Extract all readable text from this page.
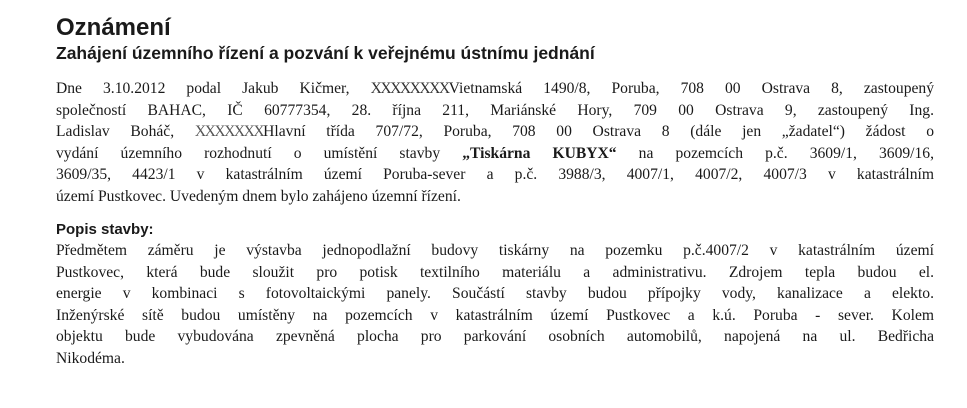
Oznámení
Zahájení územního řízení a pozvání k veřejnému ústnímu jednání

Dne 3.10.2012 podal Jakub Kičmer, XXXXXXXXVietnamská 1490/8, Poruba, 708 00 Ostrava 8, zastoupený
společností BAHAC, IČ 60777354, 28. října 211, Mariánské Hory, 709 00 Ostrava 9, zastoupený Ing.
Ladislav Boháč, XXXXXXXHlavní třída 707/72, Poruba, 708 00 Ostrava 8 (dále jen „žadatel“) žádost o
vydání územního rozhodnutí o umístění stavby „Tiskárna KUBYX“ na pozemcích p.č. 3609/1, 3609/16,
3609/35, 4423/1 v katastrálním území Poruba-sever a p.č. 3988/3, 4007/1, 4007/2, 4007/3 v katastrálním
území Pustkovec. Uvedeným dnem bylo zahájeno územní řízení.

Popis stavby:

Předmětem záměru je výstavba jednopodlažní budovy tiskárny na pozemku p.č.4007/2 v katastrálním území
Pustkovec, která bude sloužit pro potisk textilního materiálu a administrativu. Zdrojem tepla budou el.
energie v kombinaci s fotovoltaickými panely. Součástí stavby budou přípojky vody, kanalizace a elekto.
Inženýrské sítě budou umístěny na pozemcích v katastrálním území Pustkovec a k.ú. Poruba - sever. Kolem
objektu bude vybudována zpevněná plocha pro parkování osobních automobilů, napojená na ul. Bedřicha
Nikodéma.
